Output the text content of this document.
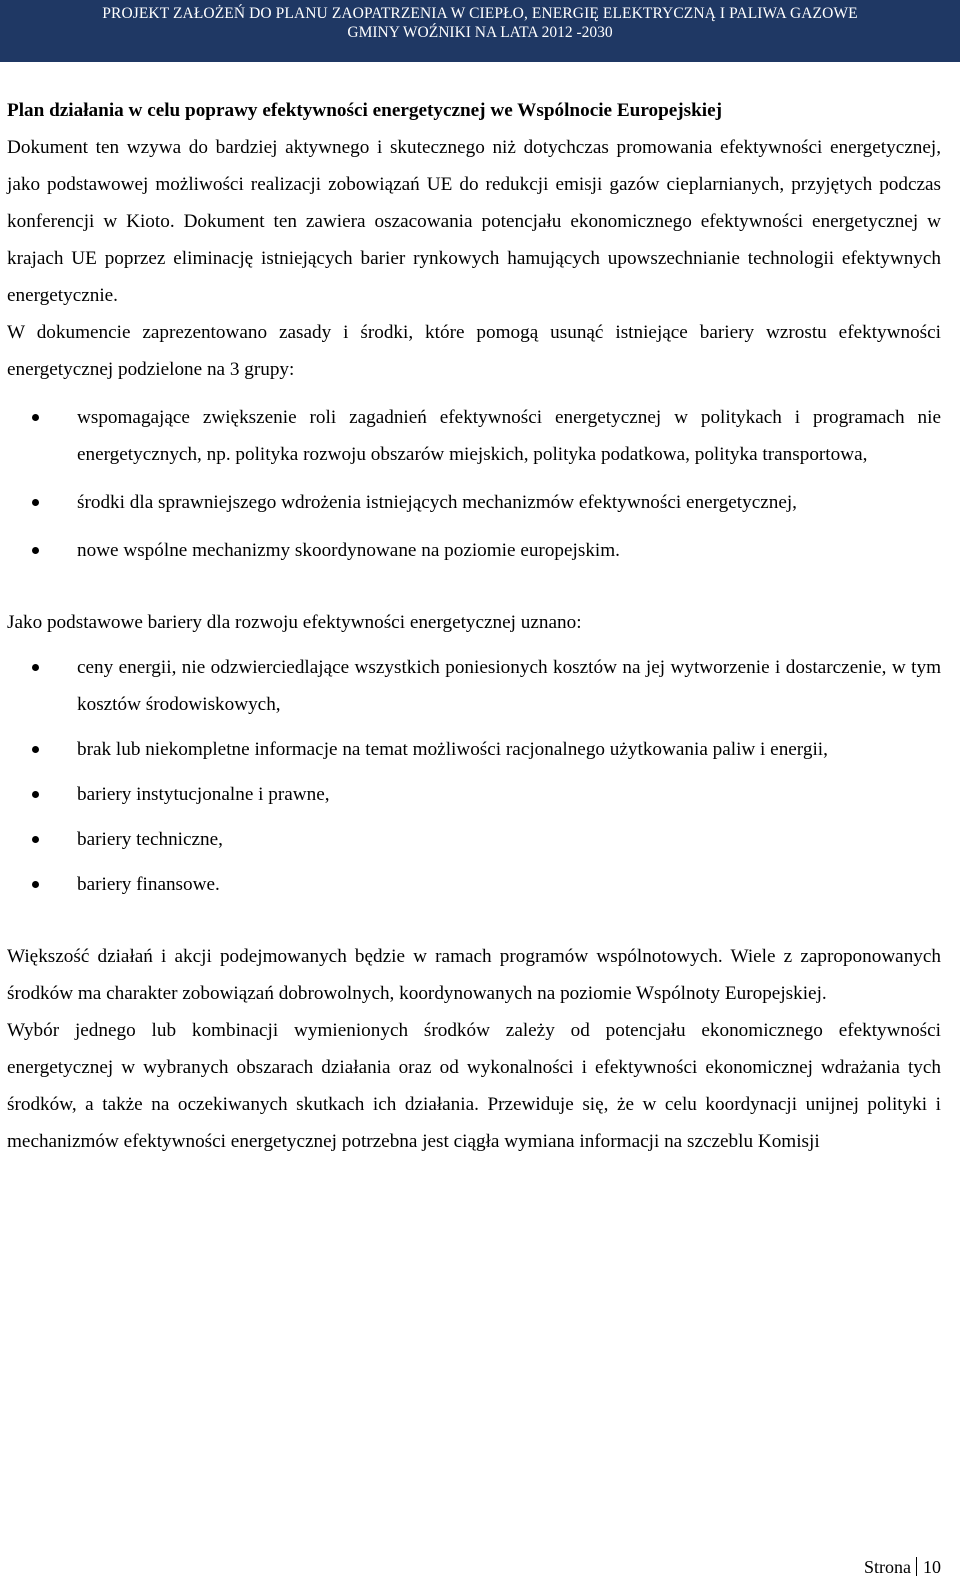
PROJEKT ZAŁOŻEŃ DO PLANU ZAOPATRZENIA W CIEPŁO, ENERGIĘ ELEKTRYCZNĄ I PALIWA GAZOWE
GMINY WOŹNIKI NA LATA 2012 -2030

Plan działania w celu poprawy efektywności energetycznej we Wspólnocie Europejskiej

Dokument ten wzywa do bardziej aktywnego i skutecznego niż dotychczas promowania efektywności energetycznej, jako podstawowej możliwości realizacji zobowiązań UE do redukcji emisji gazów cieplarnianych, przyjętych podczas konferencji w Kioto. Dokument ten zawiera oszacowania potencjału ekonomicznego efektywności energetycznej w krajach UE poprzez eliminację istniejących barier rynkowych hamujących upowszechnianie technologii efektywnych energetycznie.

W dokumencie zaprezentowano zasady i środki, które pomogą usunąć istniejące bariery wzrostu efektywności energetycznej podzielone na 3 grupy:

wspomagające zwiększenie roli zagadnień efektywności energetycznej w politykach i programach nie energetycznych, np. polityka rozwoju obszarów miejskich, polityka podatkowa, polityka transportowa,
środki dla sprawniejszego wdrożenia istniejących mechanizmów efektywności energetycznej,
nowe wspólne mechanizmy skoordynowane na poziomie europejskim.

Jako podstawowe bariery dla rozwoju efektywności energetycznej uznano:

ceny energii, nie odzwierciedlające wszystkich poniesionych kosztów na jej wytworzenie i dostarczenie, w tym kosztów środowiskowych,
brak lub niekompletne informacje na temat możliwości racjonalnego użytkowania paliw i energii,
bariery instytucjonalne i prawne,
bariery techniczne,
bariery finansowe.

Większość działań i akcji podejmowanych będzie w ramach programów wspólnotowych. Wiele z zaproponowanych środków ma charakter zobowiązań dobrowolnych, koordynowanych na poziomie Wspólnoty Europejskiej.

Wybór jednego lub kombinacji wymienionych środków zależy od potencjału ekonomicznego efektywności energetycznej w wybranych obszarach działania oraz od wykonalności i efektywności ekonomicznej wdrażania tych środków, a także na oczekiwanych skutkach ich działania. Przewiduje się, że w celu koordynacji unijnej polityki i mechanizmów efektywności energetycznej potrzebna jest ciągła wymiana informacji na szczeblu Komisji

Strona 10
